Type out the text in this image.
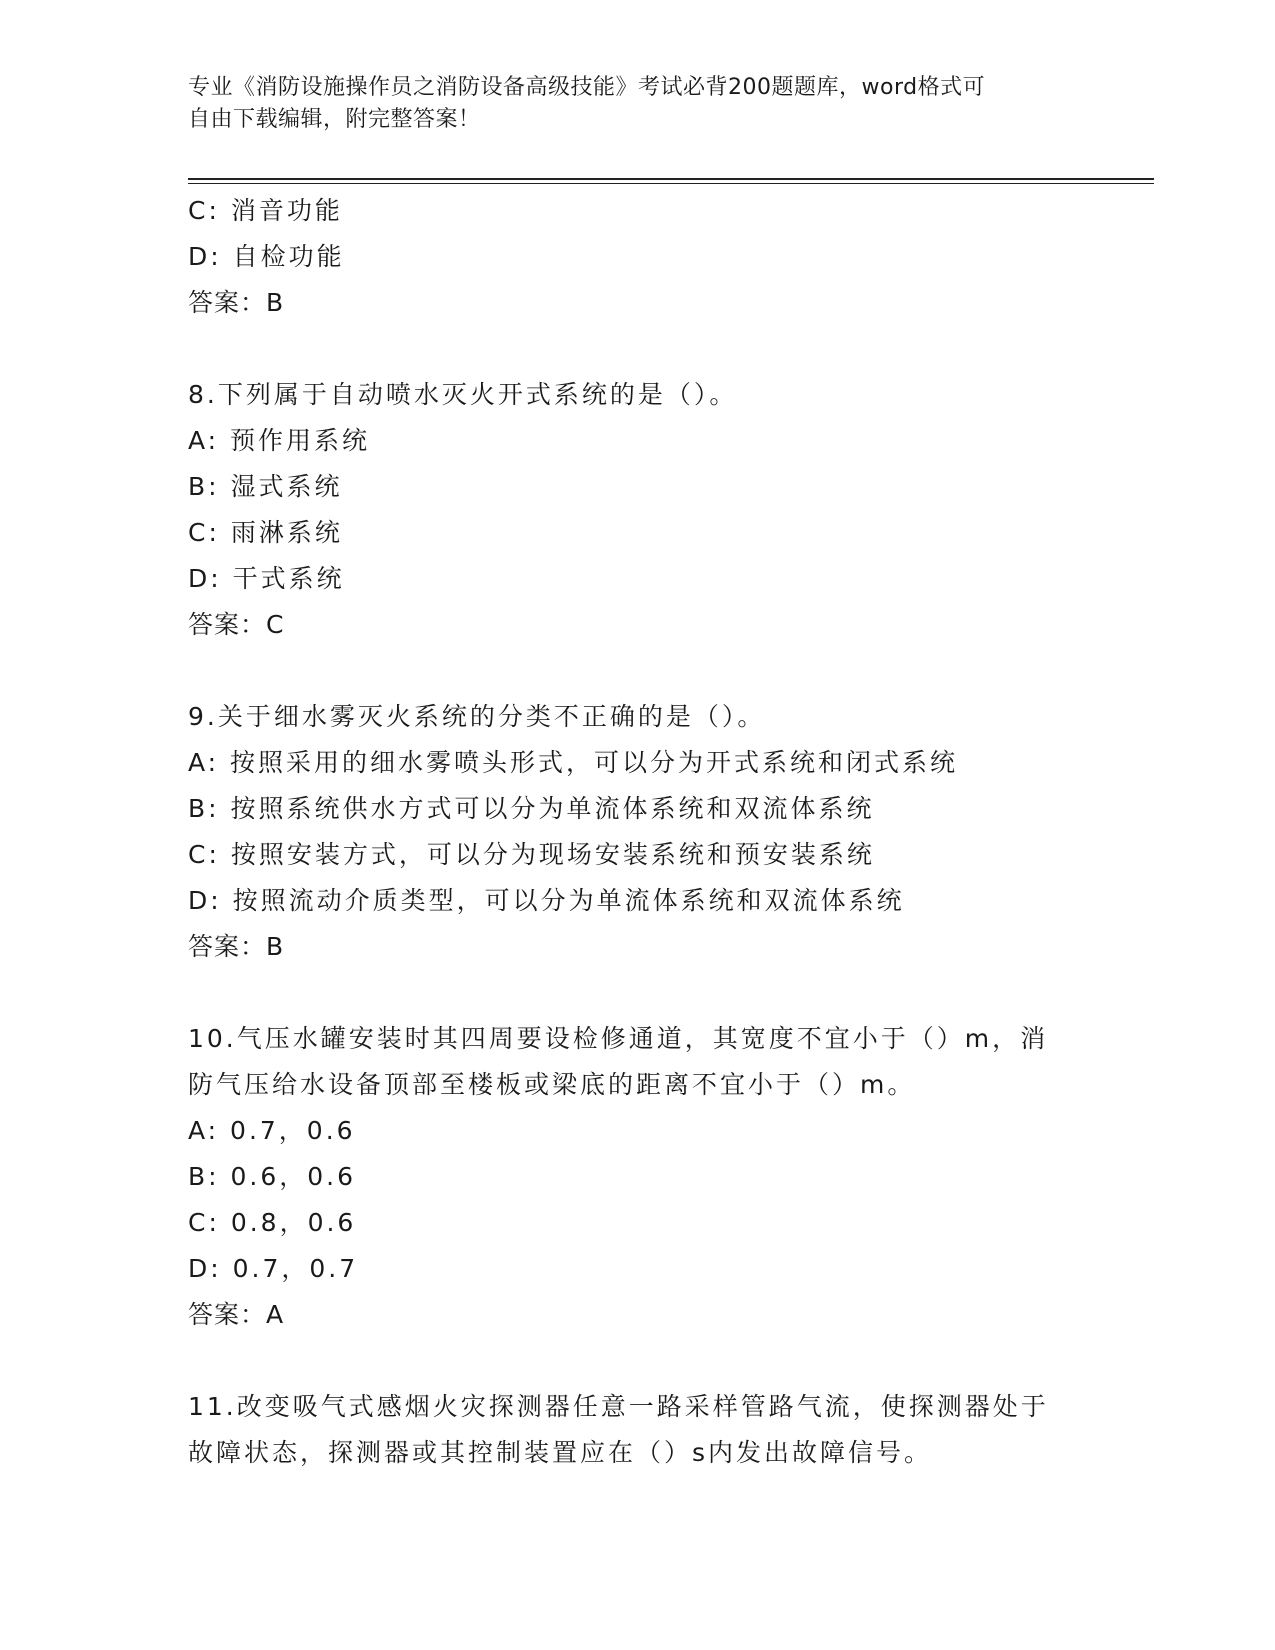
专业《消防设施操作员之消防设备高级技能》考试必背200题题库，word格式可
自由下载编辑，附完整答案！
C: 消音功能
D: 自检功能
答案：B
8.下列属于自动喷水灭火开式系统的是（）。
A: 预作用系统
B: 湿式系统
C: 雨淋系统
D: 干式系统
答案：C
9.关于细水雾灭火系统的分类不正确的是（）。
A: 按照采用的细水雾喷头形式，可以分为开式系统和闭式系统
B: 按照系统供水方式可以分为单流体系统和双流体系统
C: 按照安装方式，可以分为现场安装系统和预安装系统
D: 按照流动介质类型，可以分为单流体系统和双流体系统
答案：B
10.气压水罐安装时其四周要设检修通道，其宽度不宜小于（）m，消
防气压给水设备顶部至楼板或梁底的距离不宜小于（）m。
A: 0.7，0.6
B: 0.6，0.6
C: 0.8，0.6
D: 0.7，0.7
答案：A
11.改变吸气式感烟火灾探测器任意一路采样管路气流，使探测器处于
故障状态，探测器或其控制装置应在（）s内发出故障信号。
